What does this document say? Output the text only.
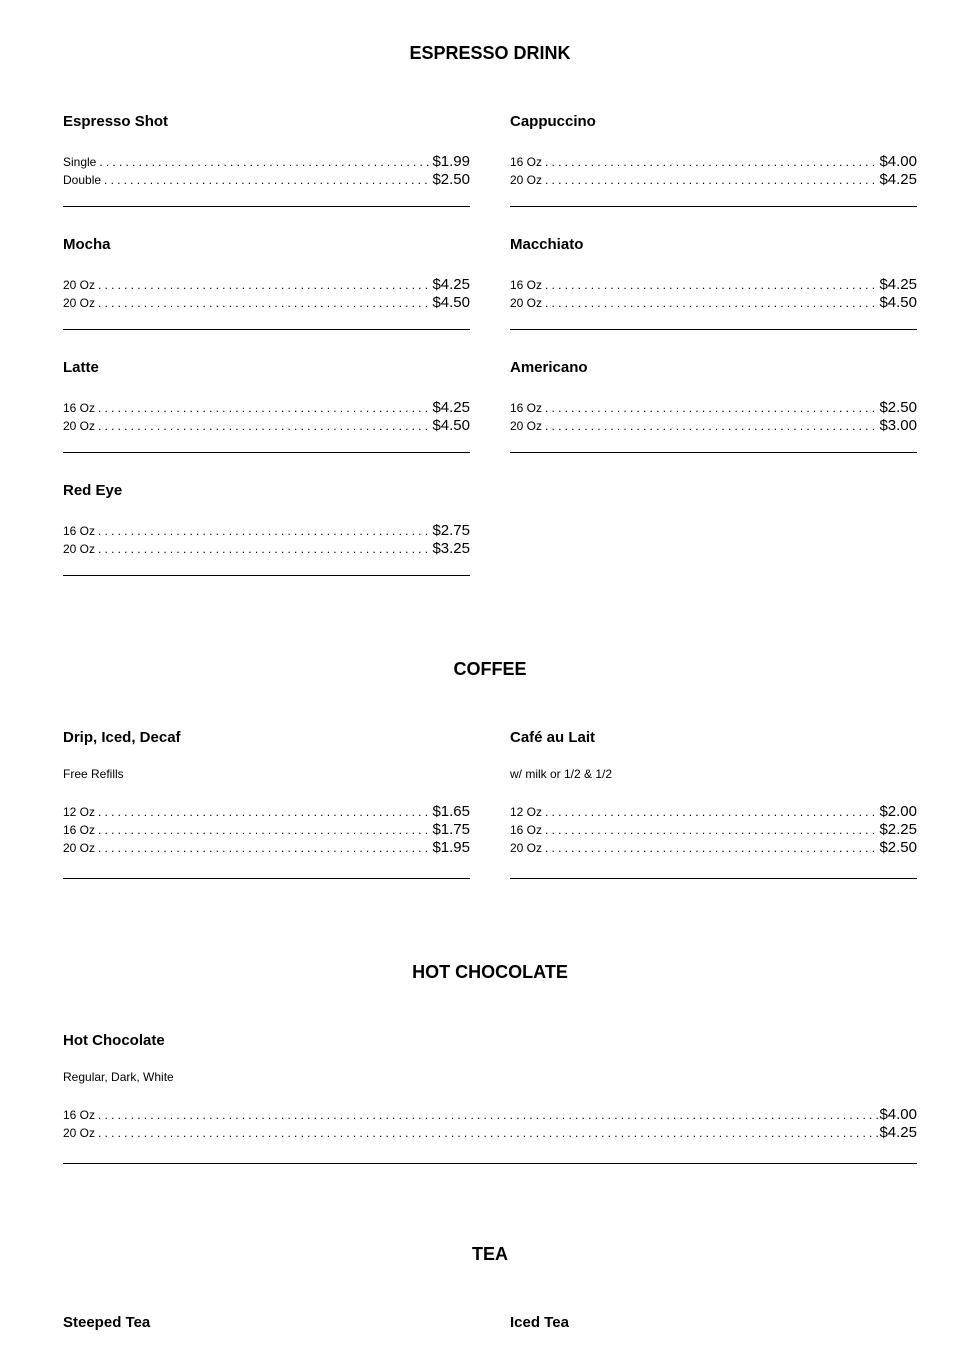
ESPRESSO DRINK
COFFEE
HOT CHOCOLATE
TEA
Espresso Shot
Single .....	$1.99
Double .....	$2.50
Cappuccino
16 Oz .....	$4.00
20 Oz .....	$4.25
Mocha
20 Oz .....	$4.25
20 Oz .....	$4.50
Macchiato
16 Oz .....	$4.25
20 Oz .....	$4.50
Latte
16 Oz .....	$4.25
20 Oz .....	$4.50
Americano
16 Oz .....	$2.50
20 Oz .....	$3.00
Red Eye
16 Oz .....	$2.75
20 Oz .....	$3.25
Drip, Iced, Decaf
Free Refills
12 Oz .....	$1.65
16 Oz .....	$1.75
20 Oz .....	$1.95
Café au Lait
w/ milk or 1/2 & 1/2
12 Oz .....	$2.00
16 Oz .....	$2.25
20 Oz .....	$2.50
Hot Chocolate
Regular, Dark, White
16 Oz .....	$4.00
20 Oz .....	$4.25
Steeped Tea	Iced Tea
